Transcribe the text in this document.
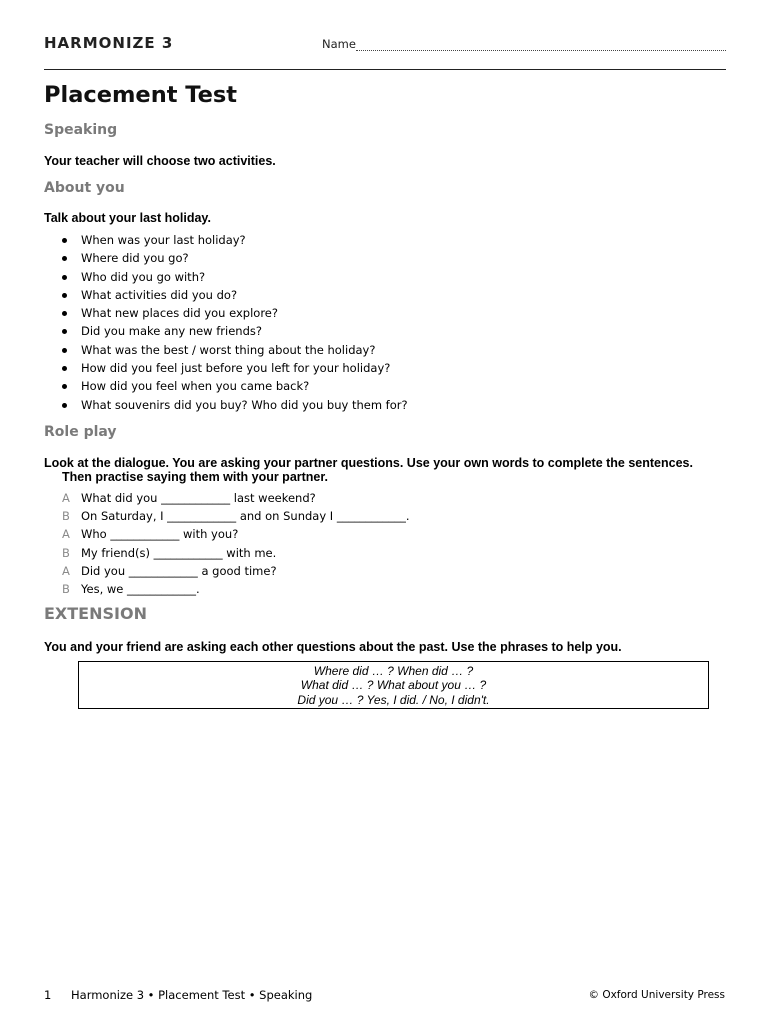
HARMONIZE 3	Name
Placement Test
Speaking

Your teacher will choose two activities.

About you

Talk about your last holiday.

When was your last holiday?
Where did you go?
Who did you go with?
What activities did you do?
What new places did you explore?
Did you make any new friends?
What was the best / worst thing about the holiday?
How did you feel just before you left for your holiday?
How did you feel when you came back?
What souvenirs did you buy? Who did you buy them for?
Role play

Look at the dialogue. You are asking your partner questions. Use your own words to complete the sentences.
Then practise saying them with your partner.

A What did you ____________ last weekend?
B On Saturday, I ____________ and on Sunday I ____________.
A Who ____________ with you?
B My friend(s) ____________ with me.
A Did you ____________ a good time?
B Yes, we ____________.
EXTENSION

You and your friend are asking each other questions about the past. Use the phrases to help you.

Where did … ? When did … ?
What did … ? What about you … ?
Did you … ? Yes, I did. / No, I didn't.
1 Harmonize 3 • Placement Test • Speaking	© Oxford University Press
